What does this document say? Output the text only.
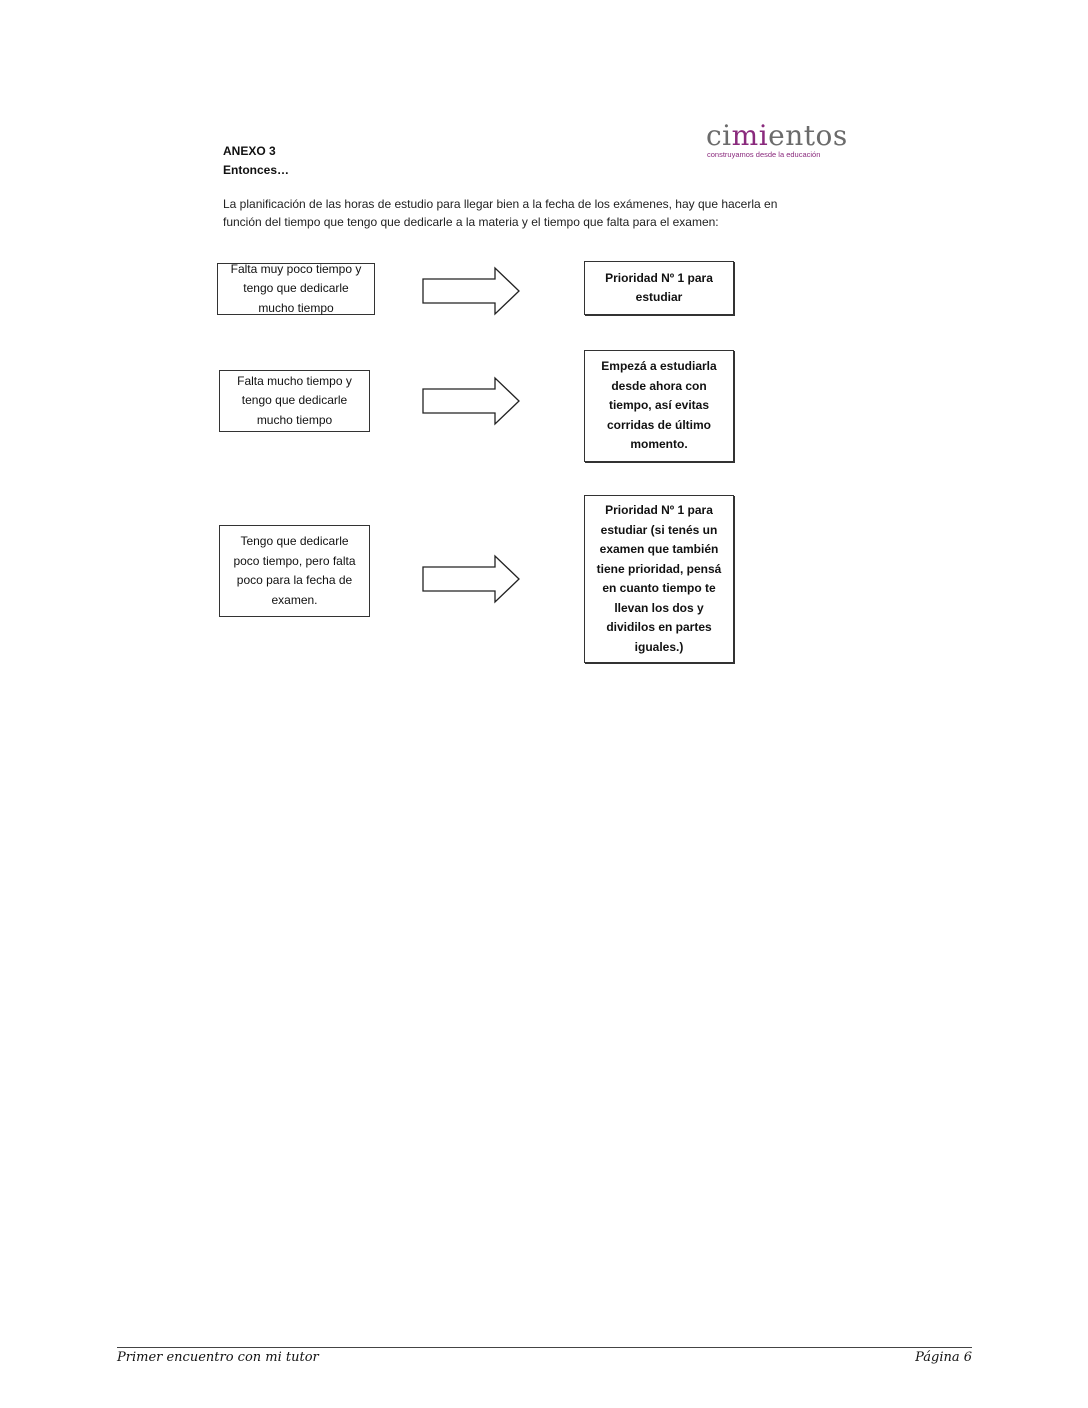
ANEXO 3
Entonces…
cimientos
construyamos desde la educación
La planificación de las horas de estudio para llegar bien a la fecha de los exámenes, hay que hacerla en función del tiempo que tengo que dedicarle a la materia y el tiempo que falta para el examen:
Falta muy poco tiempo y tengo que dedicarle mucho tiempo
Prioridad Nº 1 para estudiar
Falta mucho tiempo y tengo que dedicarle mucho tiempo
Empezá a estudiarla desde ahora con tiempo, así evitas corridas de último momento.
Tengo que dedicarle poco tiempo, pero falta poco para la fecha de examen.
Prioridad Nº 1 para estudiar (si tenés un examen que también tiene prioridad, pensá en cuanto tiempo te llevan los dos y dividilos en partes iguales.)
Primer encuentro con mi tutor	Página 6
